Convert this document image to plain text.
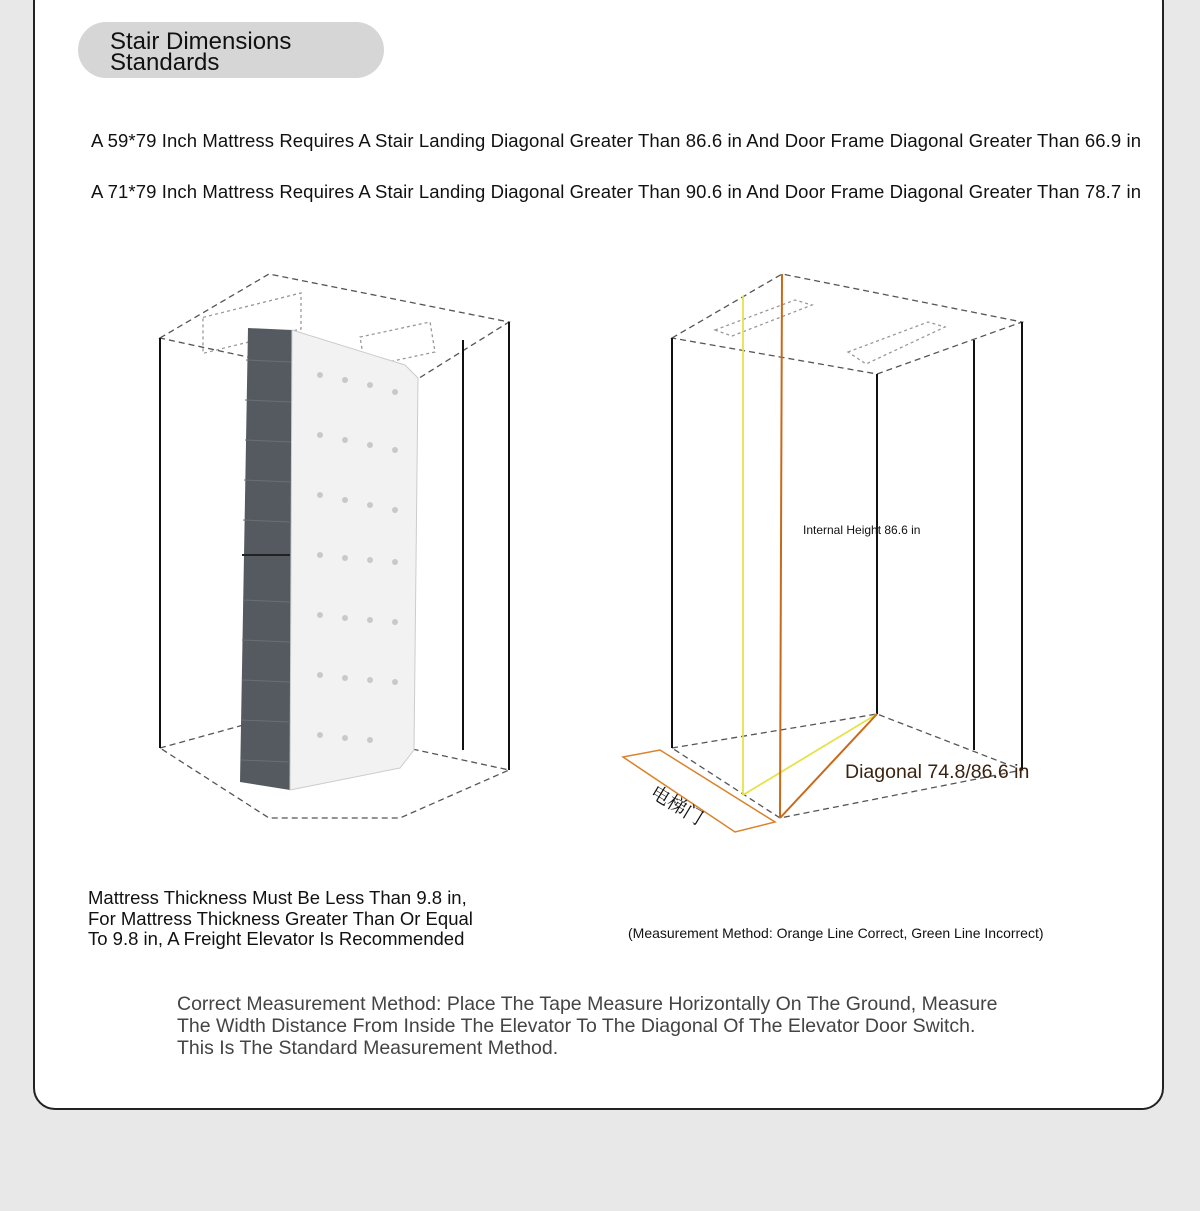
Stair Dimensions
Standards
A 59*79 Inch Mattress Requires A Stair Landing Diagonal Greater Than 86.6 in And Door Frame Diagonal Greater Than 66.9 in
A 71*79 Inch Mattress Requires A Stair Landing Diagonal Greater Than 90.6 in And Door Frame Diagonal Greater Than 78.7 in
Internal Height 86.6 in
Diagonal 74.8/86.6 in
电梯门
Mattress Thickness Must Be Less Than 9.8 in,
For Mattress Thickness Greater Than Or Equal
To 9.8 in, A Freight Elevator Is Recommended	(Measurement Method: Orange Line Correct, Green Line Incorrect)
Correct Measurement Method: Place The Tape Measure Horizontally On The Ground, Measure
The Width Distance From Inside The Elevator To The Diagonal Of The Elevator Door Switch.
This Is The Standard Measurement Method.
